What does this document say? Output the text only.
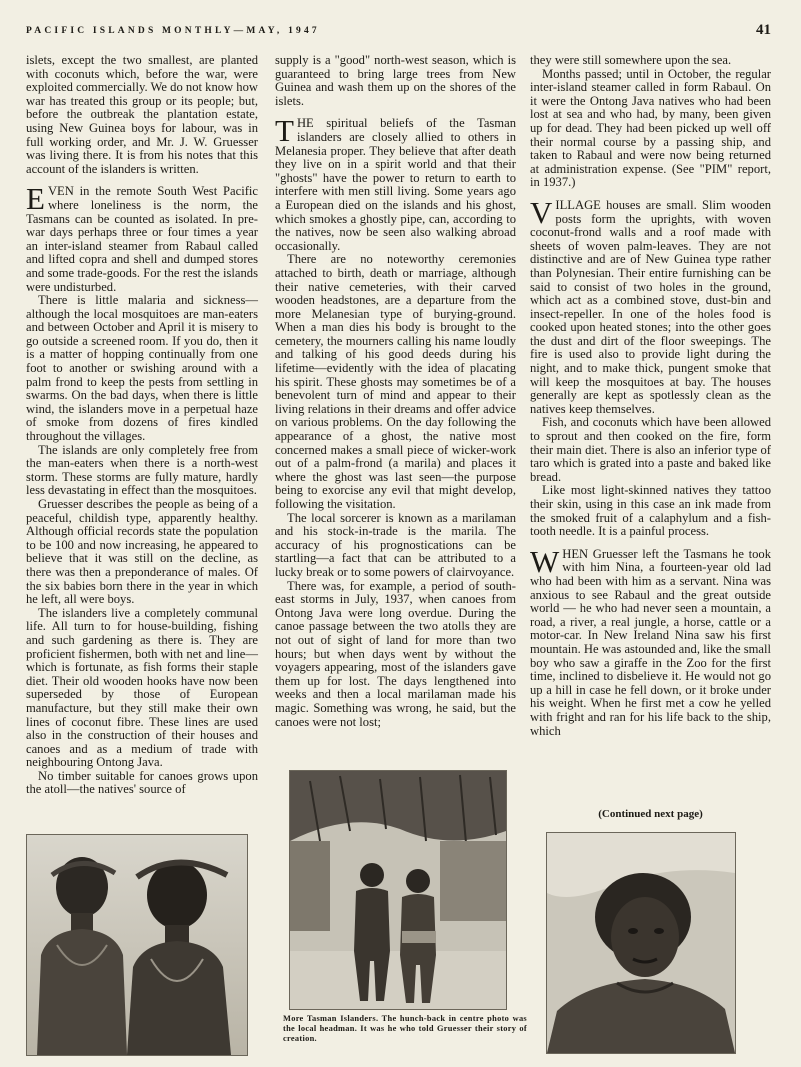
PACIFIC ISLANDS MONTHLY—MAY, 1947	41

islets, except the two smallest, are planted with coconuts which, before the war, were exploited commercially. We do not know how war has treated this group or its people; but, before the outbreak the plantation estate, using New Guinea boys for labour, was in full working order, and Mr. J. W. Gruesser was living there. It is from his notes that this account of the islanders is written.

EVEN in the remote South West Pacific where loneliness is the norm, the Tasmans can be counted as isolated. In pre-war days perhaps three or four times a year an inter-island steamer from Rabaul called and lifted copra and shell and dumped stores and some trade-goods. For the rest the islands were undisturbed.

There is little malaria and sickness—although the local mosquitoes are man-eaters and between October and April it is misery to go outside a screened room. If you do, then it is a matter of hopping continually from one foot to another or swishing around with a palm frond to keep the pests from settling in swarms. On the bad days, when there is little wind, the islanders move in a perpetual haze of smoke from dozens of fires kindled throughout the villages.

The islands are only completely free from the man-eaters when there is a north-west storm. These storms are fully mature, hardly less devastating in effect than the mosquitoes.

Gruesser describes the people as being of a peaceful, childish type, apparently healthy. Although official records state the population to be 100 and now increasing, he appeared to believe that it was still on the decline, as there was then a preponderance of males. Of the six babies born there in the year in which he left, all were boys.

The islanders live a completely communal life. All turn to for house-building, fishing and such gardening as there is. They are proficient fishermen, both with net and line—which is fortunate, as fish forms their staple diet. Their old wooden hooks have now been superseded by those of European manufacture, but they still make their own lines of coconut fibre. These lines are used also in the construction of their houses and canoes and as a medium of trade with neighbouring Ontong Java.

No timber suitable for canoes grows upon the atoll—the natives' source of

supply is a "good" north-west season, which is guaranteed to bring large trees from New Guinea and wash them up on the shores of the islets.

THE spiritual beliefs of the Tasman islanders are closely allied to others in Melanesia proper. They believe that after death they live on in a spirit world and that their "ghosts" have the power to return to earth to interfere with men still living. Some years ago a European died on the islands and his ghost, which smokes a ghostly pipe, can, according to the natives, now be seen also walking abroad occasionally.

There are no noteworthy ceremonies attached to birth, death or marriage, although their native cemeteries, with their carved wooden headstones, are a departure from the more Melanesian type of burying-ground. When a man dies his body is brought to the cemetery, the mourners calling his name loudly and talking of his good deeds during his lifetime—evidently with the idea of placating his spirit. These ghosts may sometimes be of a benevolent turn of mind and appear to their living relations in their dreams and offer advice on various problems. On the day following the appearance of a ghost, the native most concerned makes a small piece of wicker-work out of a palm-frond (a marila) and places it where the ghost was last seen—the purpose being to exorcise any evil that might develop, following the visitation.

The local sorcerer is known as a marilaman and his stock-in-trade is the marila. The accuracy of his prognostications can be startling—a fact that can be attributed to a lucky break or to some powers of clairvoyance.

There was, for example, a period of south-east storms in July, 1937, when canoes from Ontong Java were long overdue. During the canoe passage between the two atolls they are not out of sight of land for more than two hours; but when days went by without the voyagers appearing, most of the islanders gave them up for lost. The days lengthened into weeks and then a local marilaman made his magic. Something was wrong, he said, but the canoes were not lost;

they were still somewhere upon the sea.

Months passed; until in October, the regular inter-island steamer called in form Rabaul. On it were the Ontong Java natives who had been lost at sea and who had, by many, been given up for dead. They had been picked up well off their normal course by a passing ship, and taken to Rabaul and were now being returned at administration expense. (See "PIM" report, in 1937.)

VILLAGE houses are small. Slim wooden posts form the uprights, with woven coconut-frond walls and a roof made with sheets of woven palm-leaves. They are not distinctive and are of New Guinea type rather than Polynesian. Their entire furnishing can be said to consist of two holes in the ground, which act as a combined stove, dust-bin and insect-repeller. In one of the holes food is cooked upon heated stones; into the other goes the dust and dirt of the floor sweepings. The fire is used also to provide light during the night, and to make thick, pungent smoke that will keep the mosquitoes at bay. The houses generally are kept as spotlessly clean as the natives keep themselves.

Fish, and coconuts which have been allowed to sprout and then cooked on the fire, form their main diet. There is also an inferior type of taro which is grated into a paste and baked like bread.

Like most light-skinned natives they tattoo their skin, using in this case an ink made from the smoked fruit of a calaphylum and a fish-tooth needle. It is a painful process.

WHEN Gruesser left the Tasmans he took with him Nina, a fourteen-year old lad who had been with him as a servant. Nina was anxious to see Rabaul and the great outside world — he who had never seen a mountain, a road, a river, a real jungle, a horse, cattle or a motor-car. In New Ireland Nina saw his first mountain. He was astounded and, like the small boy who saw a giraffe in the Zoo for the first time, inclined to disbelieve it. He would not go up a hill in case he fell down, or it broke under his weight. When he first met a cow he yelled with fright and ran for his life back to the ship, which

(Continued next page)
More Tasman Islanders. The hunch-back in centre photo was the local headman. It was he who told Gruesser their story of creation.
